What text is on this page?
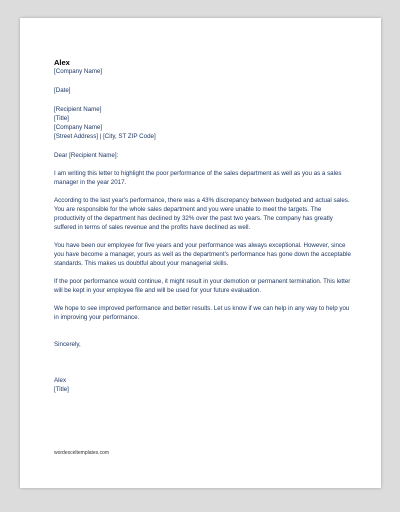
Alex
[Company Name]
[Date]
[Recipient Name]
[Title]
[Company Name]
[Street Address] | [City, ST ZIP Code]
Dear [Recipient Name]:

I am writing this letter to highlight the poor performance of the sales department as well as you as a sales manager in the year 2017.

According to the last year's performance, there was a 43% discrepancy between budgeted and actual sales. You are responsible for the whole sales department and you were unable to meet the targets. The productivity of the department has declined by 32% over the past two years. The company has greatly suffered in terms of sales revenue and the profits have declined as well.

You have been our employee for five years and your performance was always exceptional. However, since you have become a manager, yours as well as the department's performance has gone down the acceptable standards. This makes us doubtful about your managerial skills.

If the poor performance would continue, it might result in your demotion or permanent termination. This letter will be kept in your employee file and will be used for your future evaluation.

We hope to see improved performance and better results. Let us know if we can help in any way to help you in improving your performance.

Sincerely,
Alex
[Title]
wordexceltemplates.com
